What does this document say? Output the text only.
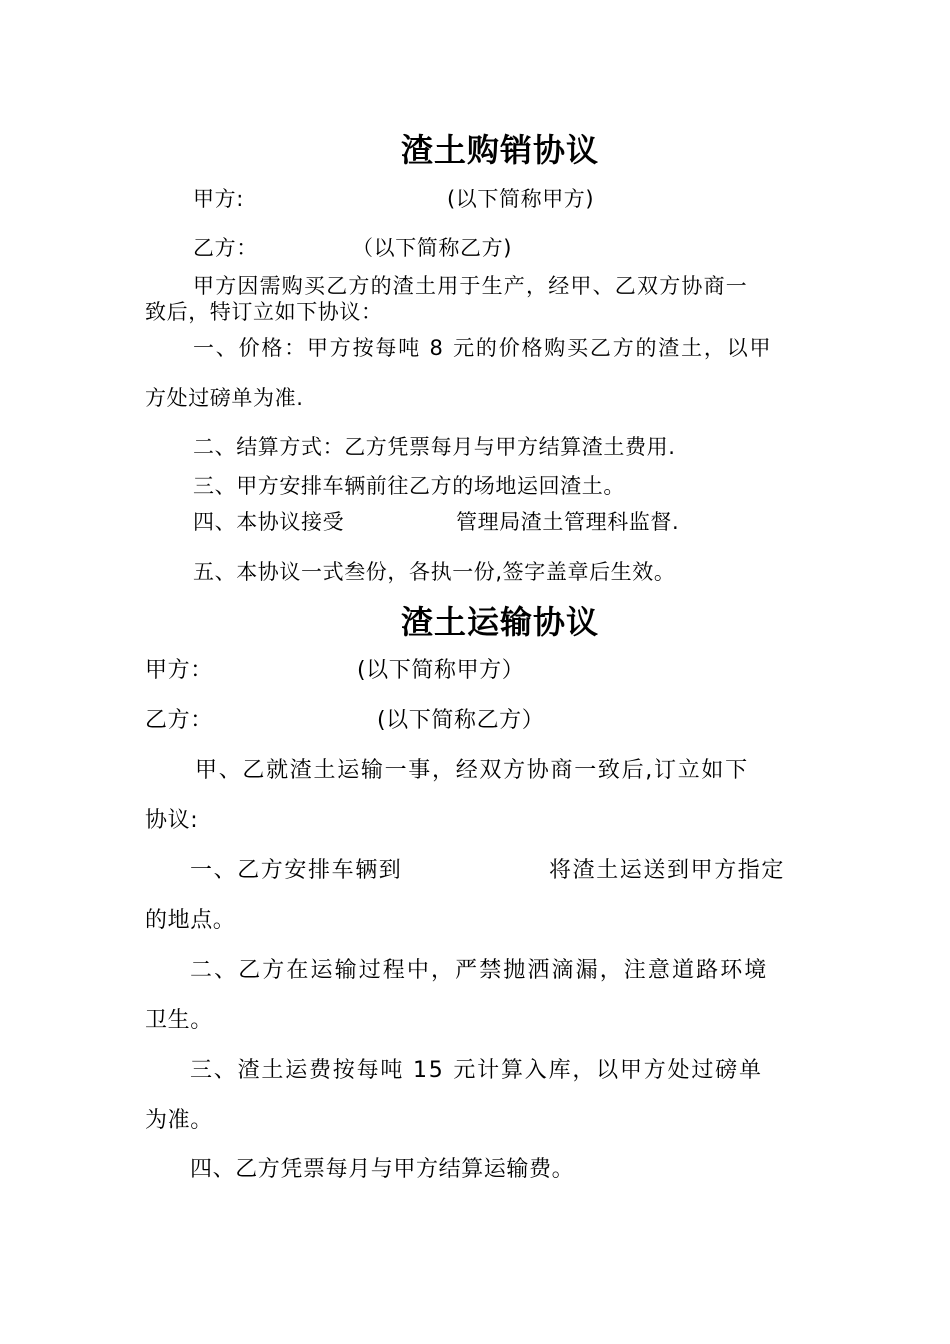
渣土购销协议
甲方:	(以下简称甲方)
乙方：	（以下简称乙方)
甲方因需购买乙方的渣土用于生产，经甲、乙双方协商一
致后，特订立如下协议：
一、价格：甲方按每吨 8 元的价格购买乙方的渣土，以甲
方处过磅单为准.
二、结算方式：乙方凭票每月与甲方结算渣土费用.
三、甲方安排车辆前往乙方的场地运回渣土。
四、本协议接受	管理局渣土管理科监督.
五、本协议一式叁份，各执一份,签字盖章后生效。
渣土运输协议
甲方：	(以下简称甲方）
乙方：	(以下简称乙方）
甲、乙就渣土运输一事，经双方协商一致后,订立如下
协议:
一、乙方安排车辆到	将渣土运送到甲方指定
的地点。
二、乙方在运输过程中，严禁抛洒滴漏，注意道路环境
卫生。
三、渣土运费按每吨 15 元计算入库，以甲方处过磅单
为准。
四、乙方凭票每月与甲方结算运输费。
